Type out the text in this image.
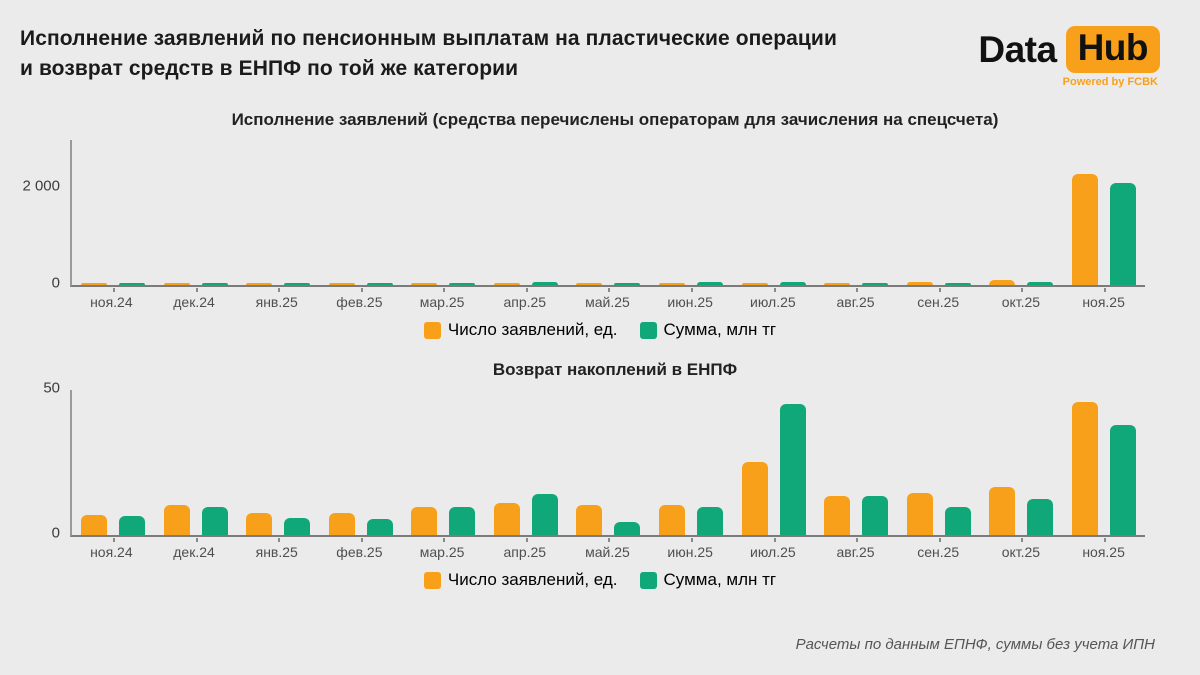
Исполнение заявлений по пенсионным выплатам на пластические операции
и возврат средств в ЕНПФ по той же категории	Data Hub
Powered by FCBK
Исполнение заявлений (средства перечислены операторам для зачисления на спецсчета)
0
2 000
ноя.24	дек.24	янв.25	фев.25	мар.25	апр.25	май.25	июн.25	июл.25	авг.25	сен.25	окт.25	ноя.25
Число заявлений, ед.	Сумма, млн тг
Возврат накоплений в ЕНПФ
0
50
ноя.24	дек.24	янв.25	фев.25	мар.25	апр.25	май.25	июн.25	июл.25	авг.25	сен.25	окт.25	ноя.25
Число заявлений, ед.	Сумма, млн тг
Расчеты по данным ЕПНФ, суммы без учета ИПН
